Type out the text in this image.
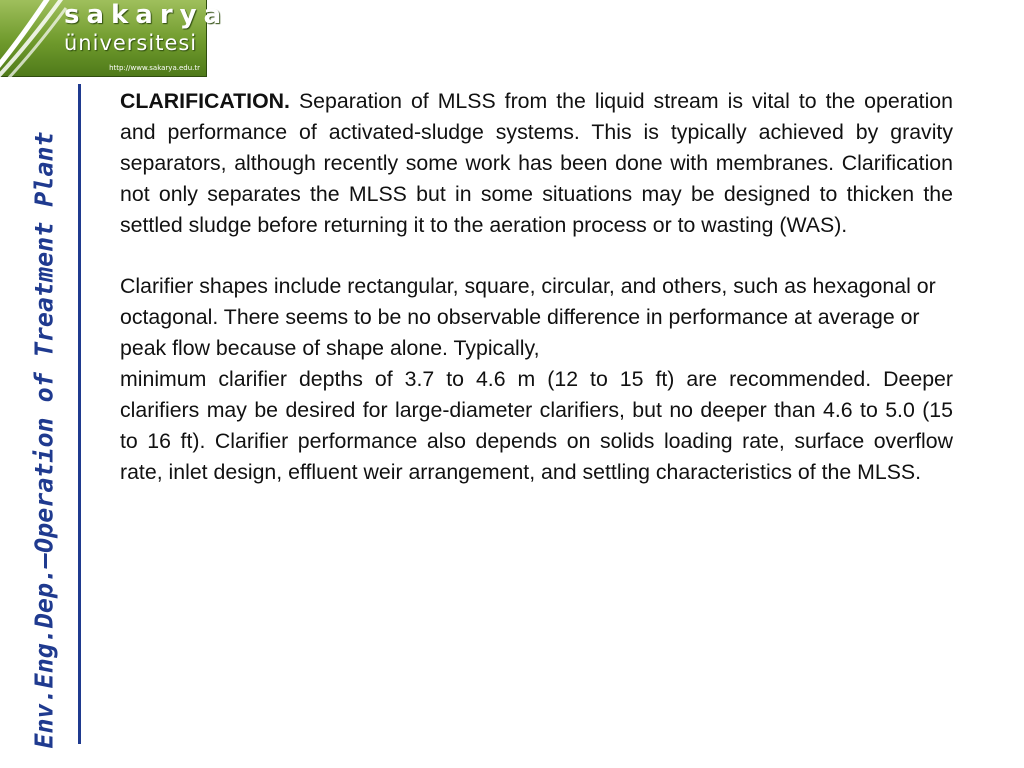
sakarya
üniversitesi
http://www.sakarya.edu.tr
Env.Eng.Dep.–Operation of Treatment Plant

CLARIFICATION. Separation of MLSS from the liquid stream is vital to the operation and performance of activated-sludge systems. This is typically achieved by gravity separators, although recently some work has been done with membranes. Clarification not only separates the MLSS but in some situations may be designed to thicken the settled sludge before returning it to the aeration process or to wasting (WAS).

Clarifier shapes include rectangular, square, circular, and others, such as hexagonal or octagonal. There seems to be no observable difference in performance at average or peak flow because of shape alone. Typically,
minimum clarifier depths of 3.7 to 4.6 m (12 to 15 ft) are recommended. Deeper clarifiers may be desired for large-diameter clarifiers, but no deeper than 4.6 to 5.0 (15 to 16 ft). Clarifier performance also depends on solids loading rate, surface overflow rate, inlet design, effluent weir arrangement, and settling characteristics of the MLSS.
